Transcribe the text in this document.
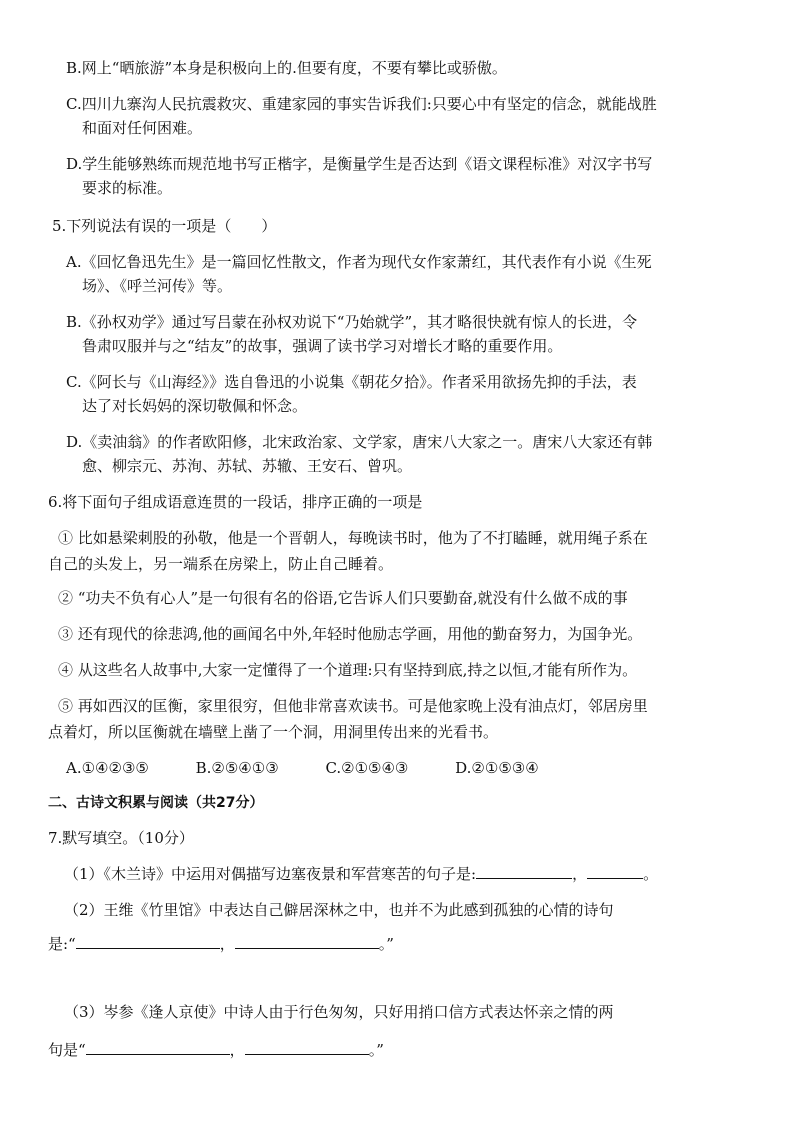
B.网上“晒旅游”本身是积极向上的.但要有度，不要有攀比或骄傲。
C.四川九寨沟人民抗震救灾、重建家园的事实告诉我们:只要心中有坚定的信念，就能战胜
和面对任何困难。
D.学生能够熟练而规范地书写正楷字，是衡量学生是否达到《语文课程标准》对汉字书写
要求的标准。
5.下列说法有误的一项是（　　）
A.《回忆鲁迅先生》是一篇回忆性散文，作者为现代女作家萧红，其代表作有小说《生死
场》、《呼兰河传》等。
B.《孙权劝学》通过写吕蒙在孙权劝说下“乃始就学”，其才略很快就有惊人的长进，令
鲁肃叹服并与之“结友”的故事，强调了读书学习对增长才略的重要作用。
C.《阿长与《山海经》》选自鲁迅的小说集《朝花夕拾》。作者采用欲扬先抑的手法，表
达了对长妈妈的深切敬佩和怀念。
D.《卖油翁》的作者欧阳修，北宋政治家、文学家，唐宋八大家之一。唐宋八大家还有韩
愈、柳宗元、苏洵、苏轼、苏辙、王安石、曾巩。
6.将下面句子组成语意连贯的一段话，排序正确的一项是
① 比如悬梁刺股的孙敬，他是一个晋朝人，每晚读书时，他为了不打瞌睡，就用绳子系在
自己的头发上，另一端系在房梁上，防止自己睡着。
② “功夫不负有心人”是一句很有名的俗语,它告诉人们只要勤奋,就没有什么做不成的事
③ 还有现代的徐悲鸿,他的画闻名中外,年轻时他励志学画，用他的勤奋努力，为国争光。
④ 从这些名人故事中,大家一定懂得了一个道理:只有坚持到底,持之以恒,才能有所作为。
⑤ 再如西汉的匡衡，家里很穷，但他非常喜欢读书。可是他家晚上没有油点灯，邻居房里
点着灯，所以匡衡就在墙壁上凿了一个洞，用洞里传出来的光看书。
A.①④②③⑤	B.②⑤④①③	C.②①⑤④③	D.②①⑤③④
二、古诗文积累与阅读（共27分）
7.默写填空。（10分）
（1）《木兰诗》中运用对偶描写边塞夜景和军营寒苦的句子是:	，	。
（2）王维《竹里馆》中表达自己僻居深林之中，也并不为此感到孤独的心情的诗句
是:“	，	。”
（3）岑参《逢人京使》中诗人由于行色匆匆，只好用捎口信方式表达怀亲之情的两
句是“	，	。”
